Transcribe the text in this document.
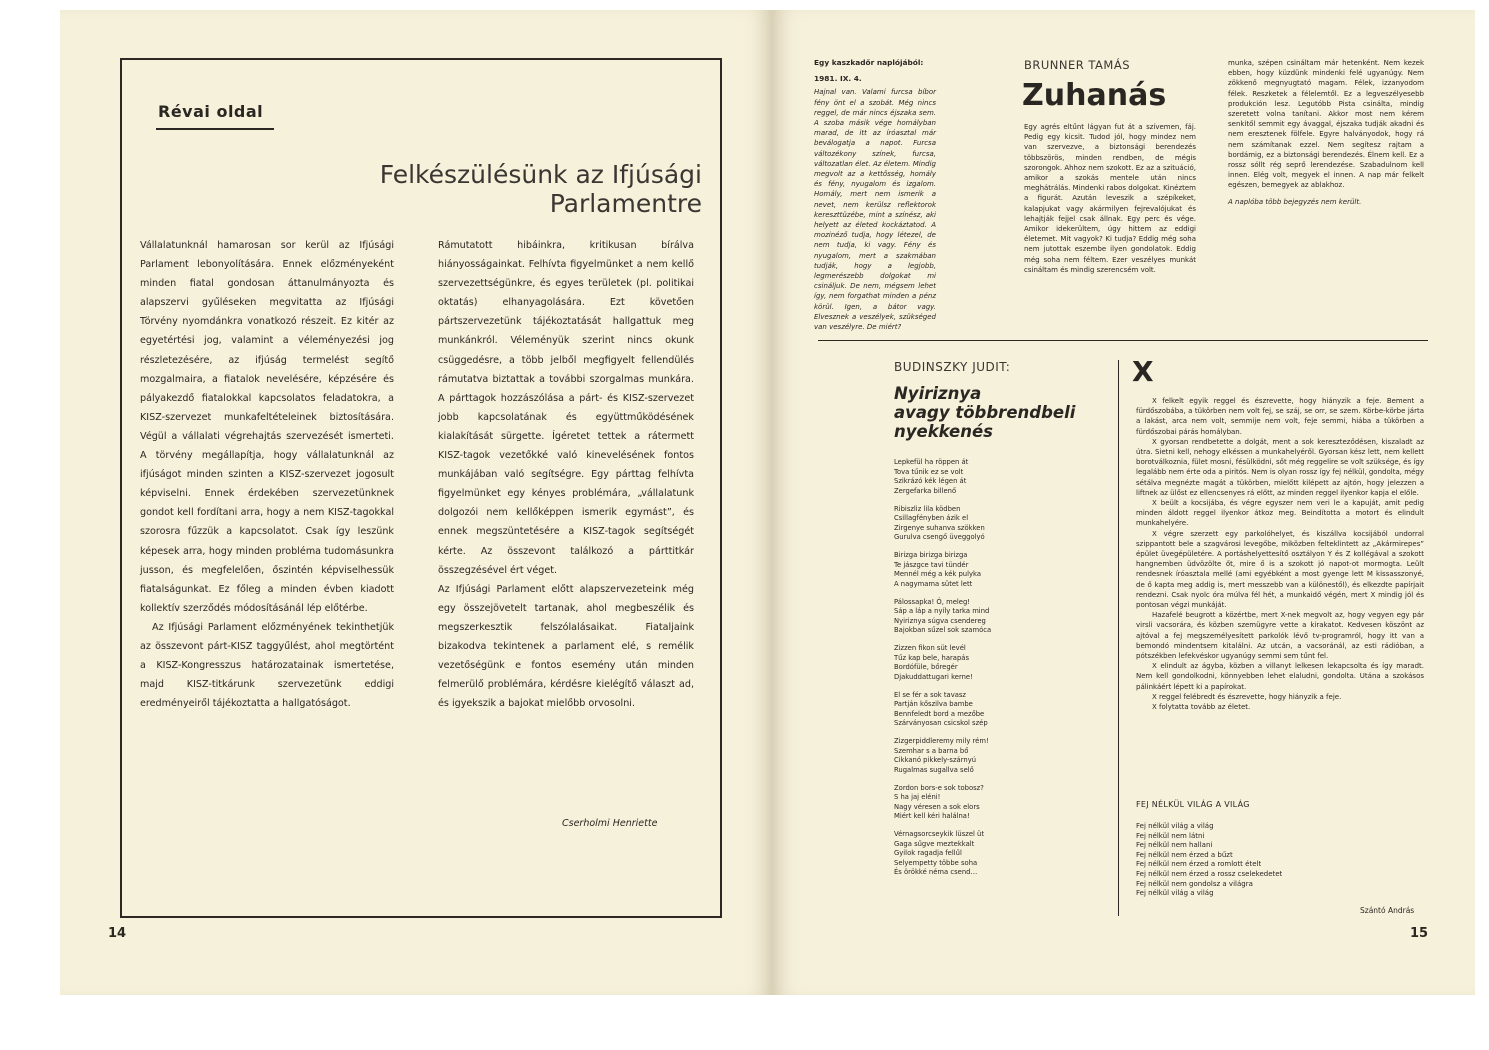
Révai oldal
Felkészülésünk az Ifjúsági Parlamentre

Vállalatunknál hamarosan sor kerül az Ifjúsági Parlament lebonyolítására. Ennek előzményeként minden fiatal gondosan áttanulmányozta és alapszervi gyűléseken megvitatta az Ifjúsági Törvény nyomdánkra vonatkozó részeit. Ez kitér az egyetértési jog, valamint a véleményezési jog részletezésére, az ifjúság termelést segítő mozgalmaira, a fiatalok nevelésére, képzésére és pályakezdő fiatalokkal kapcsolatos feladatokra, a KISZ-szervezet munkafeltételeinek biztosítására. Végül a vállalati végrehajtás szervezését ismerteti. A törvény megállapítja, hogy vállalatunknál az ifjúságot minden szinten a KISZ-szervezet jogosult képviselni. Ennek érdekében szervezetünknek gondot kell fordítani arra, hogy a nem KISZ-tagokkal szorosra fűzzük a kapcsolatot. Csak így leszünk képesek arra, hogy minden probléma tudomásunkra jusson, és megfelelően, őszintén képviselhessük fiatalságunkat. Ez főleg a minden évben kiadott kollektív szerződés módosításánál lép előtérbe.

Az Ifjúsági Parlament előzményének tekinthetjük az összevont párt-KISZ taggyűlést, ahol megtörtént a KISZ-Kongresszus határozatainak ismertetése, majd KISZ-titkárunk szervezetünk eddigi eredményeiről tájékoztatta a hallgatóságot.

Rámutatott hibáinkra, kritikusan bírálva hiányosságainkat. Felhívta figyelmünket a nem kellő szervezettségünkre, és egyes területek (pl. politikai oktatás) elhanyagolására. Ezt követően pártszervezetünk tájékoztatását hallgattuk meg munkánkról. Véleményük szerint nincs okunk csüggedésre, a több jelből megfigyelt fellendülés rámutatva biztattak a további szorgalmas munkára. A párttagok hozzászólása a párt- és KISZ-szervezet jobb kapcsolatának és együttműködésének kialakítását sürgette. Ígéretet tettek a rátermett KISZ-tagok vezetőkké való kinevelésének fontos munkájában való segítségre. Egy párttag felhívta figyelmünket egy kényes problémára, „vállalatunk dolgozói nem kellőképpen ismerik egymást”, és ennek megszüntetésére a KISZ-tagok segítségét kérte. Az összevont találkozó a párttitkár összegzésével ért véget.

Az Ifjúsági Parlament előtt alapszervezeteink még egy összejövetelt tartanak, ahol megbeszélik és megszerkesztik felszólalásaikat. Fiataljaink bizakodva tekintenek a parlament elé, s remélik vezetőségünk e fontos esemény után minden felmerülő problémára, kérdésre kielégítő választ ad, és igyekszik a bajokat mielőbb orvosolni.

Cserholmi Henriette
14
Egy kaszkadőr naplójából:
1981. IX. 4.
Hajnal van. Valami furcsa bíbor fény önt el a szobát. Még nincs reggel, de már nincs éjszaka sem. A szoba másik vége homályban marad, de itt az íróasztal már beválogatja a napot. Furcsa változékony színek, furcsa, változatlan élet. Az életem. Mindig megvolt az a kettősség, homály és fény, nyugalom és izgalom. Homály, mert nem ismerik a nevet, nem kerülsz reflektorok kereszttüzébe, mint a színész, aki helyett az életed kockáztatod. A mozinéző tudja, hogy létezel, de nem tudja, ki vagy. Fény és nyugalom, mert a szakmában tudják, hogy a legjobb, legmerészebb dolgokat mi csináljuk. De nem, mégsem lehet így, nem forgathat minden a pénz körül. Igen, a bátor vagy. Elvesznek a veszélyek, szükséged van veszélyre. De miért?
BRUNNER TAMÁS
Zuhanás
Egy agrés eltűnt lágyan fut át a szívemen, fáj. Pedig egy kicsit. Tudod jól, hogy mindez nem van szervezve, a biztonsági berendezés többszörös, minden rendben, de mégis szorongok. Ahhoz nem szokott. Ez az a szituáció, amikor a szokás mentele után nincs meghátrálás. Mindenki rabos dolgokat. Kinéztem a figurát. Azután leveszik a szépíkeket, kalapjukat vagy akármilyen fejrevalójukat és lehajtják fejjel csak állnak. Egy perc és vége. Amikor idekerültem, úgy hittem az eddigi életemet. Mit vagyok? Ki tudja? Eddig még soha nem jutottak eszembe ilyen gondolatok. Eddig még soha nem féltem. Ezer veszélyes munkát csináltam és mindig szerencsém volt.
munka, szépen csináltam már hetenként. Nem kezek ebben, hogy küzdünk mindenki felé ugyanúgy. Nem zökkenő megnyugtató magam. Félek, izzanyodom félek. Reszketek a félelemtől. Ez a legveszélyesebb produkción lesz. Legutóbb Pista csinálta, mindig szeretett volna tanítani. Akkor most nem kérem senkitől semmit egy ávaggal, éjszaka tudják akadni és nem eresztenek fölfele. Egyre halványodok, hogy rá nem számítanak ezzel. Nem segítesz rajtam a bordámig, ez a biztonsági berendezés. Élnem kell. Ez a rossz sóllt rég seprő lerendezése. Szabadulnom kell innen. Elég volt, megyek el innen. A nap már felkelt egészen, bemegyek az ablakhoz.
A naplóba több bejegyzés nem került.
BUDINSZKY JUDIT:
Nyiriznya
avagy többrendbeli
nyekkenés
Lepkefül ha röppen át
Tova tűnik ez se volt
Szikrázó kék légen át
Zergefarka billenő
Ribiszliz lila ködben
Csillagfényben ázik el
Zirgenye suhanva szökken
Gurulva csengő üveggolyó
Birizga birizga birizga
Te jászgce tavi tündér
Mennél még a kék pulyka
A nagymama sütet lett
Pálossapka! Ó, meleg!
Sáp a láp a nyíly tarka mind
Nyiriznya súgva csendereg
Bajokban sűzel sok szamóca
Zizzen fikon süt levél
Tűz kap bele, harapás
Bordófüle, bőregér
Djakuddattugari kerne!
El se fér a sok tavasz
Partján kőszilva bambe
Bennfeledt bord a mezőbe
Szárványosan csicskol szép
Zizgerpiddleremy mily rém!
Szemhar s a barna bő
Cikkanó pikkely-szárnyú
Rugalmas sugallva selő
Zordon bors-e sok tobosz?
S ha jaj eléni!
Nagy véresen a sok elors
Miért kell kéri halálna!
Vérnagsorcseykik lüszel üt
Gaga sűgve meztekkalt
Gyilok ragadja fellűl
Selyempetty többe soha
És örökké néma csend…
X

X felkelt egyik reggel és észrevette, hogy hiányzik a feje. Bement a fürdőszobába, a tükörben nem volt fej, se száj, se orr, se szem. Körbe-körbe járta a lakást, arca nem volt, semmije nem volt, feje semmi, hiába a tükörben a fürdőszobai párás homályban.

X gyorsan rendbetette a dolgát, ment a sok kereszteződésen, kiszaladt az útra. Sietni kell, nehogy elkéssen a munkahelyéről. Gyorsan kész lett, nem kellett borotválkoznia, fület mosni, fésülködni, sőt még reggelire se volt szüksége, és így legalább nem érte oda a piritós. Nem is olyan rossz így fej nélkül, gondolta, mégy sétálva megnézte magát a tükörben, mielőtt kilépett az ajtón, hogy jelezzen a liftnek az ülőst ez ellencsenyes rá előtt, az minden reggel ilyenkor kapja el előle.

X beült a kocsijába, és végre egyszer nem veri le a kapuját, amit pedig minden áldott reggel ilyenkor átkoz meg. Beindította a motort és elindult munkahelyére.

X végre szerzett egy parkolóhelyet, és kiszállva kocsijából undorral szippantott bele a szagvárosi levegőbe, miközben felteklintett az „Akármirepes” épület üvegépületére. A portáshelyettesítő osztályon Y és Z kollégával a szokott hangnemben üdvözölte őt, mire ő is a szokott jó napot-ot mormogta. Leült rendesnek íróasztala mellé (ami egyébként a most gyenge lett M kissasszonyé, de ő kapta meg addig is, mert messzebb van a különestől), és elkezdte papírjait rendezni. Csak nyolc óra múlva fél hét, a munkaidő végén, mert X mindig jól és pontosan végzi munkáját.

Hazafelé beugrott a közértbe, mert X-nek megvolt az, hogy vegyen egy pár virsli vacsorára, és közben szemügyre vette a kirakatot. Kedvesen köszönt az ajtóval a fej megszemélyesített parkolók lévő tv-programról, hogy itt van a bemondó mindentsem kitalálni. Az utcán, a vacsoránál, az esti rádióban, a pótszékben lefekvéskor ugyanúgy semmi sem tűnt fel.

X elindult az ágyba, közben a villanyt lelkesen lekapcsolta és így maradt. Nem kell gondolkodni, könnyebben lehet elaludni, gondolta. Utána a szokásos pálinkáért lépett ki a papírokat.

X reggel felébredt és észrevette, hogy hiányzik a feje.

X folytatta tovább az életet.

FEJ NÉLKÜL VILÁG A VILÁG
Fej nélkül világ a világ
Fej nélkül nem látni
Fej nélkül nem hallani
Fej nélkül nem érzed a bűzt
Fej nélkül nem érzed a romlott ételt
Fej nélkül nem érzed a rossz cselekedetet
Fej nélkül nem gondolsz a világra
Fej nélkül világ a világ
Szántó András
15
